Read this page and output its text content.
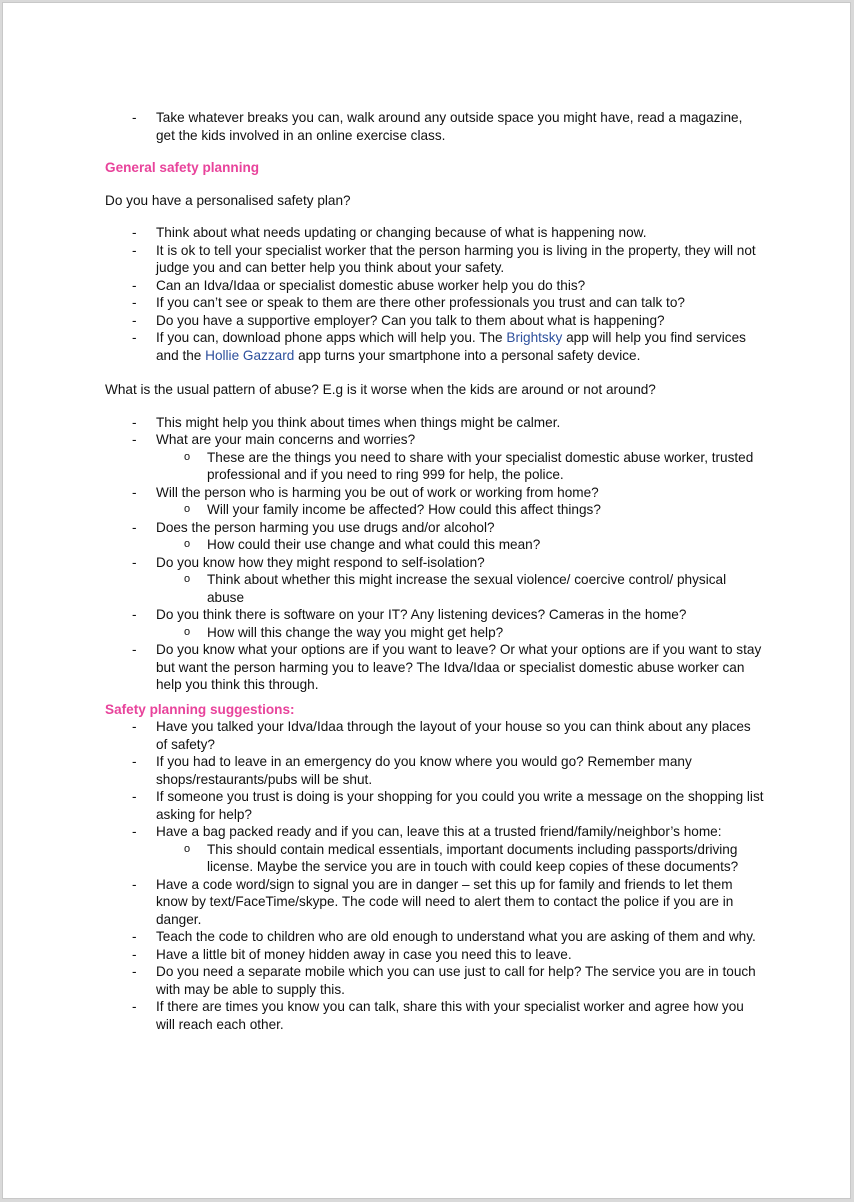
- Take whatever breaks you can, walk around any outside space you might have, read a magazine, get the kids involved in an online exercise class.

General safety planning

Do you have a personalised safety plan?

- Think about what needs updating or changing because of what is happening now.
- It is ok to tell your specialist worker that the person harming you is living in the property, they will not judge you and can better help you think about your safety.
- Can an Idva/Idaa or specialist domestic abuse worker help you do this?
- If you can’t see or speak to them are there other professionals you trust and can talk to?
- Do you have a supportive employer? Can you talk to them about what is happening?
- If you can, download phone apps which will help you. The Brightsky app will help you find services and the Hollie Gazzard app turns your smartphone into a personal safety device.

What is the usual pattern of abuse? E.g is it worse when the kids are around or not around?

- This might help you think about times when things might be calmer.
- What are your main concerns and worries?
o These are the things you need to share with your specialist domestic abuse worker, trusted professional and if you need to ring 999 for help, the police.
- Will the person who is harming you be out of work or working from home?
o Will your family income be affected? How could this affect things?
- Does the person harming you use drugs and/or alcohol?
o How could their use change and what could this mean?
- Do you know how they might respond to self-isolation?
o Think about whether this might increase the sexual violence/ coercive control/ physical abuse
- Do you think there is software on your IT? Any listening devices? Cameras in the home?
o How will this change the way you might get help?
- Do you know what your options are if you want to leave? Or what your options are if you want to stay but want the person harming you to leave? The Idva/Idaa or specialist domestic abuse worker can help you think this through.

Safety planning suggestions:

- Have you talked your Idva/Idaa through the layout of your house so you can think about any places of safety?
- If you had to leave in an emergency do you know where you would go? Remember many shops/restaurants/pubs will be shut.
- If someone you trust is doing is your shopping for you could you write a message on the shopping list asking for help?
- Have a bag packed ready and if you can, leave this at a trusted friend/family/neighbor’s home:
o This should contain medical essentials, important documents including passports/driving license. Maybe the service you are in touch with could keep copies of these documents?
- Have a code word/sign to signal you are in danger – set this up for family and friends to let them know by text/FaceTime/skype. The code will need to alert them to contact the police if you are in danger.
- Teach the code to children who are old enough to understand what you are asking of them and why.
- Have a little bit of money hidden away in case you need this to leave.
- Do you need a separate mobile which you can use just to call for help? The service you are in touch with may be able to supply this.
- If there are times you know you can talk, share this with your specialist worker and agree how you will reach each other.
